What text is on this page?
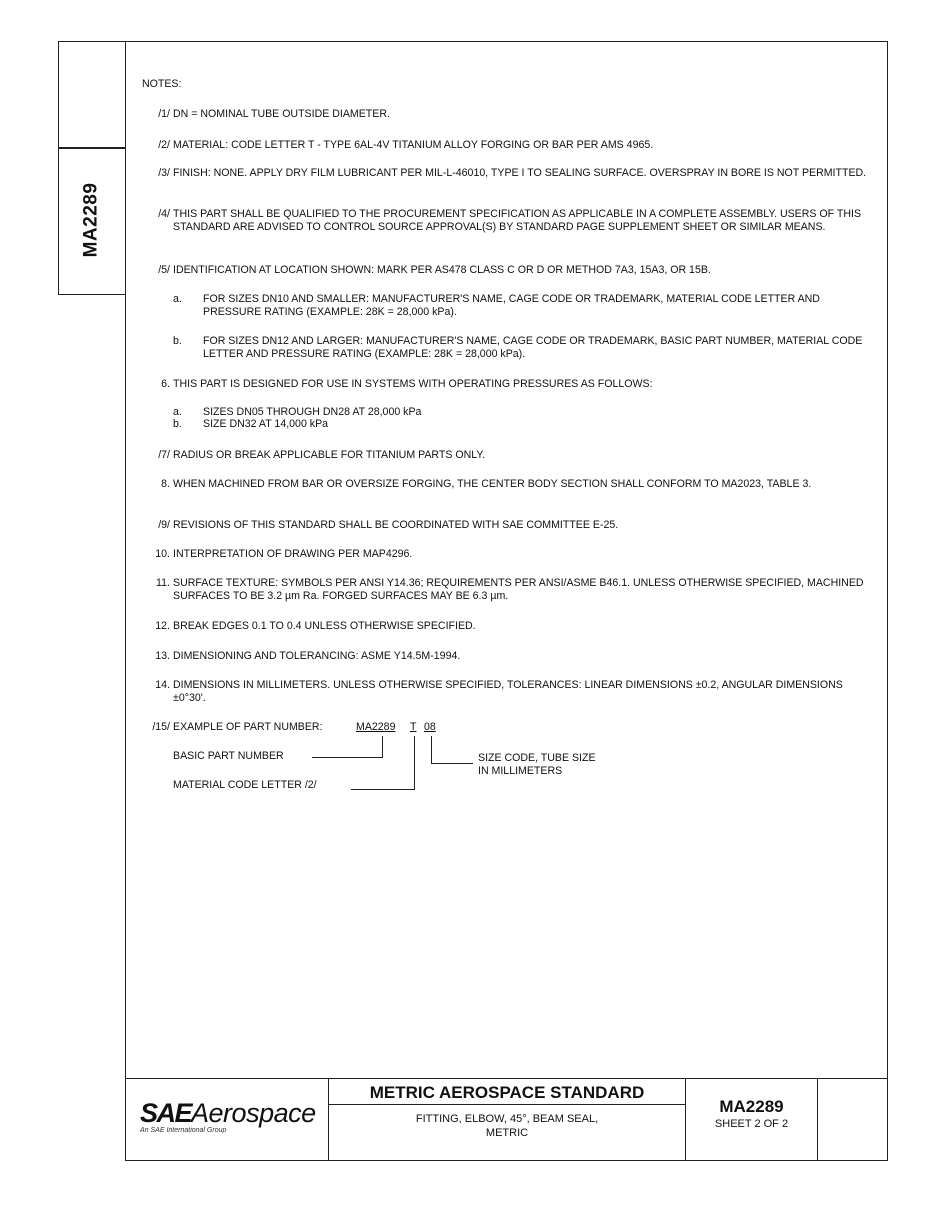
MA2289
NOTES:
/1/ DN = NOMINAL TUBE OUTSIDE DIAMETER.
/2/ MATERIAL: CODE LETTER T - TYPE 6AL-4V TITANIUM ALLOY FORGING OR BAR PER AMS 4965.
/3/ FINISH: NONE. APPLY DRY FILM LUBRICANT PER MIL-L-46010, TYPE I TO SEALING SURFACE. OVERSPRAY IN BORE IS NOT PERMITTED.
/4/ THIS PART SHALL BE QUALIFIED TO THE PROCUREMENT SPECIFICATION AS APPLICABLE IN A COMPLETE ASSEMBLY. USERS OF THIS STANDARD ARE ADVISED TO CONTROL SOURCE APPROVAL(S) BY STANDARD PAGE SUPPLEMENT SHEET OR SIMILAR MEANS.
/5/ IDENTIFICATION AT LOCATION SHOWN: MARK PER AS478 CLASS C OR D OR METHOD 7A3, 15A3, OR 15B.
a.	FOR SIZES DN10 AND SMALLER: MANUFACTURER'S NAME, CAGE CODE OR TRADEMARK, MATERIAL CODE LETTER AND PRESSURE RATING (EXAMPLE: 28K = 28,000 kPa).
b.	FOR SIZES DN12 AND LARGER: MANUFACTURER'S NAME, CAGE CODE OR TRADEMARK, BASIC PART NUMBER, MATERIAL CODE LETTER AND PRESSURE RATING (EXAMPLE: 28K = 28,000 kPa).
6. THIS PART IS DESIGNED FOR USE IN SYSTEMS WITH OPERATING PRESSURES AS FOLLOWS:
a.	SIZES DN05 THROUGH DN28 AT 28,000 kPa
b.	SIZE DN32 AT 14,000 kPa
/7/ RADIUS OR BREAK APPLICABLE FOR TITANIUM PARTS ONLY.
8. WHEN MACHINED FROM BAR OR OVERSIZE FORGING, THE CENTER BODY SECTION SHALL CONFORM TO MA2023, TABLE 3.
/9/ REVISIONS OF THIS STANDARD SHALL BE COORDINATED WITH SAE COMMITTEE E-25.
10. INTERPRETATION OF DRAWING PER MAP4296.
11. SURFACE TEXTURE: SYMBOLS PER ANSI Y14.36; REQUIREMENTS PER ANSI/ASME B46.1. UNLESS OTHERWISE SPECIFIED, MACHINED SURFACES TO BE 3.2 µm Ra. FORGED SURFACES MAY BE 6.3 µm.
12. BREAK EDGES 0.1 TO 0.4 UNLESS OTHERWISE SPECIFIED.
13. DIMENSIONING AND TOLERANCING: ASME Y14.5M-1994.
14. DIMENSIONS IN MILLIMETERS. UNLESS OTHERWISE SPECIFIED, TOLERANCES: LINEAR DIMENSIONS ±0.2, ANGULAR DIMENSIONS ±0°30'.
/15/ EXAMPLE OF PART NUMBER:	MA2289 T 08
BASIC PART NUMBER
MATERIAL CODE LETTER /2/
SIZE CODE, TUBE SIZE
IN MILLIMETERS
SAEAerospace
An SAE International Group
METRIC AEROSPACE STANDARD
FITTING, ELBOW, 45°, BEAM SEAL,
METRIC
MA2289
SHEET 2 OF 2
